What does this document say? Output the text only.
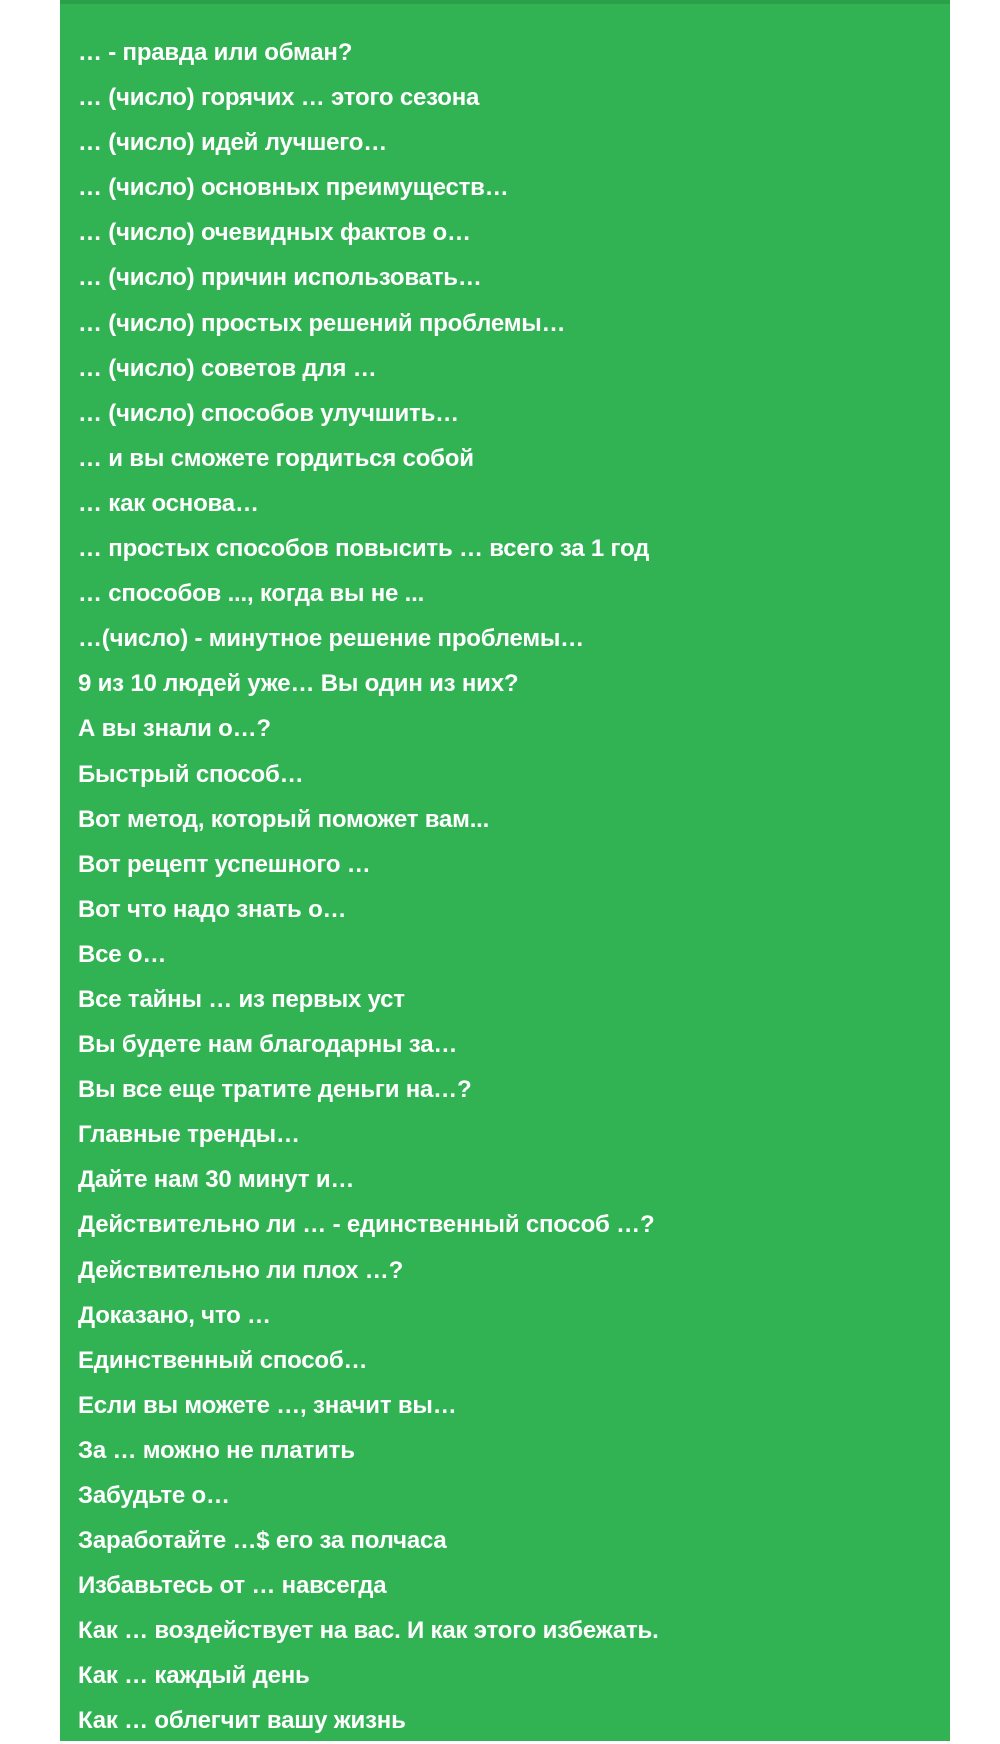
… - правда или обман?
… (число) горячих … этого сезона
… (число) идей лучшего…
… (число) основных преимуществ…
… (число) очевидных фактов о…
… (число) причин использовать…
… (число) простых решений проблемы…
… (число) советов для …
… (число) способов улучшить…
… и вы сможете гордиться собой
… как основа…
… простых способов повысить … всего за 1 год
… способов ..., когда вы не ...
…(число) - минутное решение проблемы…
9 из 10 людей уже… Вы один из них?
А вы знали о…?
Быстрый способ…
Вот метод, который поможет вам...
Вот рецепт успешного …
Вот что надо знать о…
Все о…
Все тайны … из первых уст
Вы будете нам благодарны за…
Вы все еще тратите деньги на…?
Главные тренды…
Дайте нам 30 минут и…
Действительно ли … - единственный способ …?
Действительно ли плох …?
Доказано, что …
Единственный способ…
Если вы можете …, значит вы…
За … можно не платить
Забудьте о…
Заработайте …$ его за полчаса
Избавьтесь от … навсегда
Как … воздействует на вас. И как этого избежать.
Как … каждый день
Как … облегчит вашу жизнь
